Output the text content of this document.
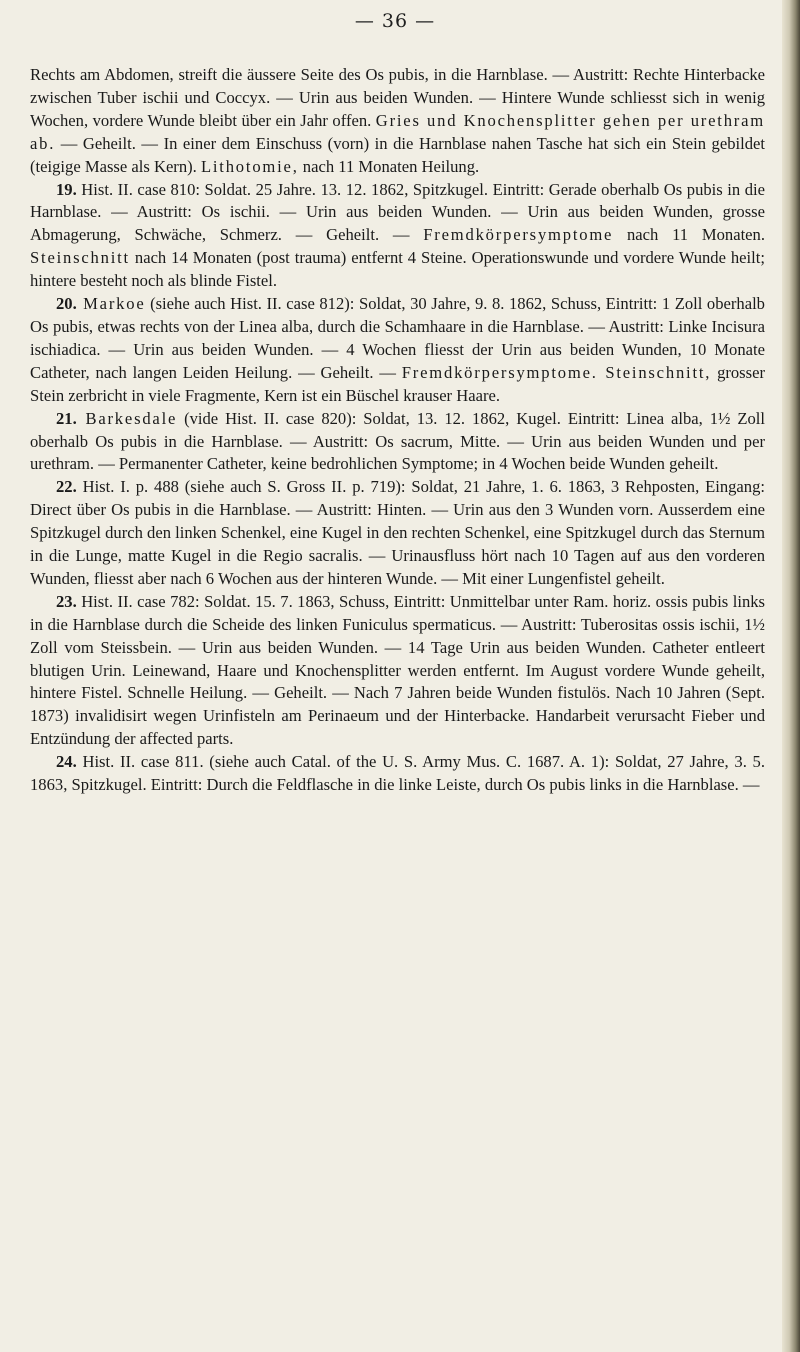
— 36 —

Rechts am Abdomen, streift die äussere Seite des Os pubis, in die Harnblase. — Austritt: Rechte Hinterbacke zwischen Tuber ischii und Coccyx. — Urin aus beiden Wunden. — Hintere Wunde schliesst sich in wenig Wochen, vordere Wunde bleibt über ein Jahr offen. Gries und Knochensplitter gehen per urethram ab. — Geheilt. — In einer dem Einschuss (vorn) in die Harnblase nahen Tasche hat sich ein Stein gebildet (teigige Masse als Kern). Lithotomie, nach 11 Monaten Heilung.

19. Hist. II. case 810: Soldat. 25 Jahre. 13. 12. 1862, Spitzkugel. Eintritt: Gerade oberhalb Os pubis in die Harnblase. — Austritt: Os ischii. — Urin aus beiden Wunden. — Urin aus beiden Wunden, grosse Abmagerung, Schwäche, Schmerz. — Geheilt. — Fremdkörpersymptome nach 11 Monaten. Steinschnitt nach 14 Monaten (post trauma) entfernt 4 Steine. Operationswunde und vordere Wunde heilt; hintere besteht noch als blinde Fistel.

20. Markoe (siehe auch Hist. II. case 812): Soldat, 30 Jahre, 9. 8. 1862, Schuss, Eintritt: 1 Zoll oberhalb Os pubis, etwas rechts von der Linea alba, durch die Schamhaare in die Harnblase. — Austritt: Linke Incisura ischiadica. — Urin aus beiden Wunden. — 4 Wochen fliesst der Urin aus beiden Wunden, 10 Monate Catheter, nach langen Leiden Heilung. — Geheilt. — Fremdkörpersymptome. Steinschnitt, grosser Stein zerbricht in viele Fragmente, Kern ist ein Büschel krauser Haare.

21. Barkesdale (vide Hist. II. case 820): Soldat, 13. 12. 1862, Kugel. Eintritt: Linea alba, 1½ Zoll oberhalb Os pubis in die Harnblase. — Austritt: Os sacrum, Mitte. — Urin aus beiden Wunden und per urethram. — Permanenter Catheter, keine bedrohlichen Symptome; in 4 Wochen beide Wunden geheilt.

22. Hist. I. p. 488 (siehe auch S. Gross II. p. 719): Soldat, 21 Jahre, 1. 6. 1863, 3 Rehposten, Eingang: Direct über Os pubis in die Harnblase. — Austritt: Hinten. — Urin aus den 3 Wunden vorn. Ausserdem eine Spitzkugel durch den linken Schenkel, eine Kugel in den rechten Schenkel, eine Spitzkugel durch das Sternum in die Lunge, matte Kugel in die Regio sacralis. — Urinausfluss hört nach 10 Tagen auf aus den vorderen Wunden, fliesst aber nach 6 Wochen aus der hinteren Wunde. — Mit einer Lungenfistel geheilt.

23. Hist. II. case 782: Soldat. 15. 7. 1863, Schuss, Eintritt: Unmittelbar unter Ram. horiz. ossis pubis links in die Harnblase durch die Scheide des linken Funiculus spermaticus. — Austritt: Tuberositas ossis ischii, 1½ Zoll vom Steissbein. — Urin aus beiden Wunden. — 14 Tage Urin aus beiden Wunden. Catheter entleert blutigen Urin. Leinewand, Haare und Knochensplitter werden entfernt. Im August vordere Wunde geheilt, hintere Fistel. Schnelle Heilung. — Geheilt. — Nach 7 Jahren beide Wunden fistulös. Nach 10 Jahren (Sept. 1873) invalidisirt wegen Urinfisteln am Perinaeum und der Hinterbacke. Handarbeit verursacht Fieber und Entzündung der affected parts.

24. Hist. II. case 811. (siehe auch Catal. of the U. S. Army Mus. C. 1687. A. 1): Soldat, 27 Jahre, 3. 5. 1863, Spitzkugel. Eintritt: Durch die Feldflasche in die linke Leiste, durch Os pubis links in die Harnblase. —
